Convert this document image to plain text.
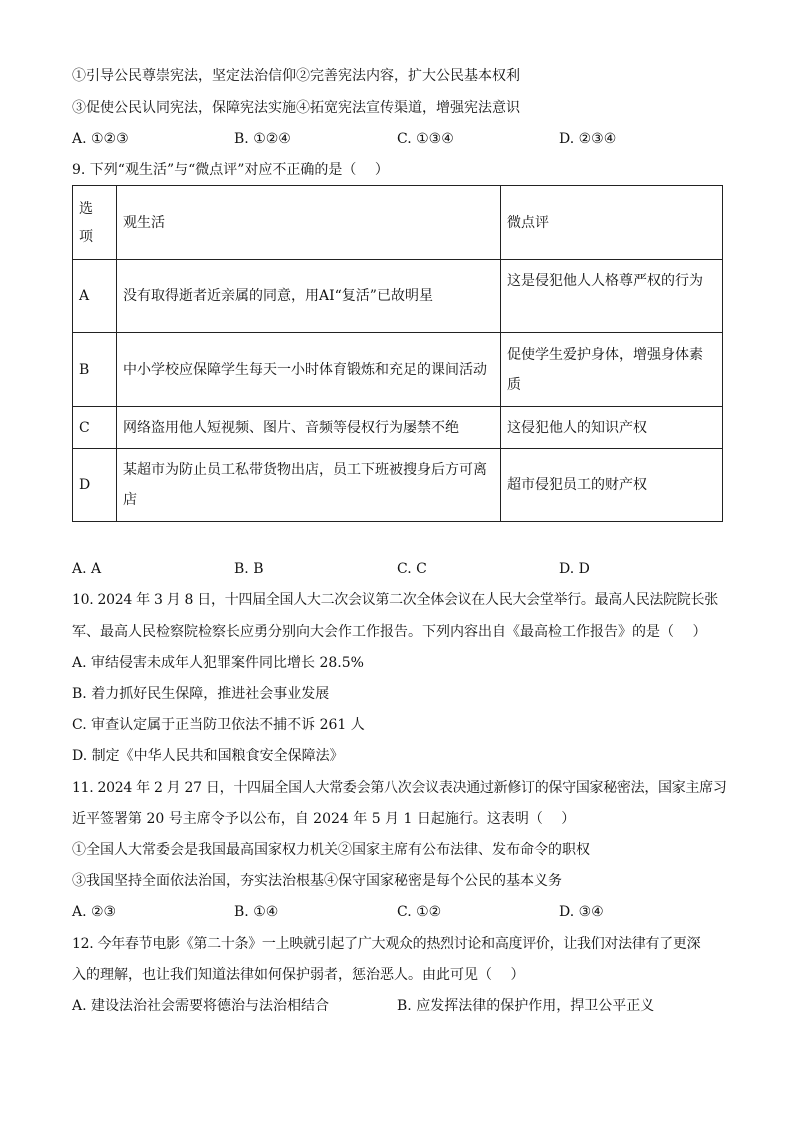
①引导公民尊崇宪法，坚定法治信仰②完善宪法内容，扩大公民基本权利
③促使公民认同宪法，保障宪法实施④拓宽宪法宣传渠道，增强宪法意识
A. ①②③	B. ①②④	C. ①③④	D. ②③④
9. 下列“观生活”与“微点评”对应不正确的是（　 ）
选项	观生活	微点评
A	没有取得逝者近亲属的同意，用AI“复活”已故明星	这是侵犯他人人格尊严权的行为
B	中小学校应保障学生每天一小时体育锻炼和充足的课间活动	促使学生爱护身体，增强身体素质
C	网络盗用他人短视频、图片、音频等侵权行为屡禁不绝	这侵犯他人的知识产权
D	某超市为防止员工私带货物出店，员工下班被搜身后方可离店	超市侵犯员工的财产权
A. A	B. B	C. C	D. D
10. 2024 年 3 月 8 日，十四届全国人大二次会议第二次全体会议在人民大会堂举行。最高人民法院院长张
军、最高人民检察院检察长应勇分别向大会作工作报告。下列内容出自《最高检工作报告》的是（　 ）
A. 审结侵害未成年人犯罪案件同比增长 28.5%
B. 着力抓好民生保障，推进社会事业发展
C. 审查认定属于正当防卫依法不捕不诉 261 人
D. 制定《中华人民共和国粮食安全保障法》
11. 2024 年 2 月 27 日，十四届全国人大常委会第八次会议表决通过新修订的保守国家秘密法，国家主席习
近平签署第 20 号主席令予以公布，自 2024 年 5 月 1 日起施行。这表明（　 ）
①全国人大常委会是我国最高国家权力机关②国家主席有公布法律、发布命令的职权
③我国坚持全面依法治国，夯实法治根基④保守国家秘密是每个公民的基本义务
A. ②③	B. ①④	C. ①②	D. ③④
12. 今年春节电影《第二十条》一上映就引起了广大观众的热烈讨论和高度评价，让我们对法律有了更深
入的理解，也让我们知道法律如何保护弱者，惩治恶人。由此可见（　 ）
A. 建设法治社会需要将德治与法治相结合	B. 应发挥法律的保护作用，捍卫公平正义
